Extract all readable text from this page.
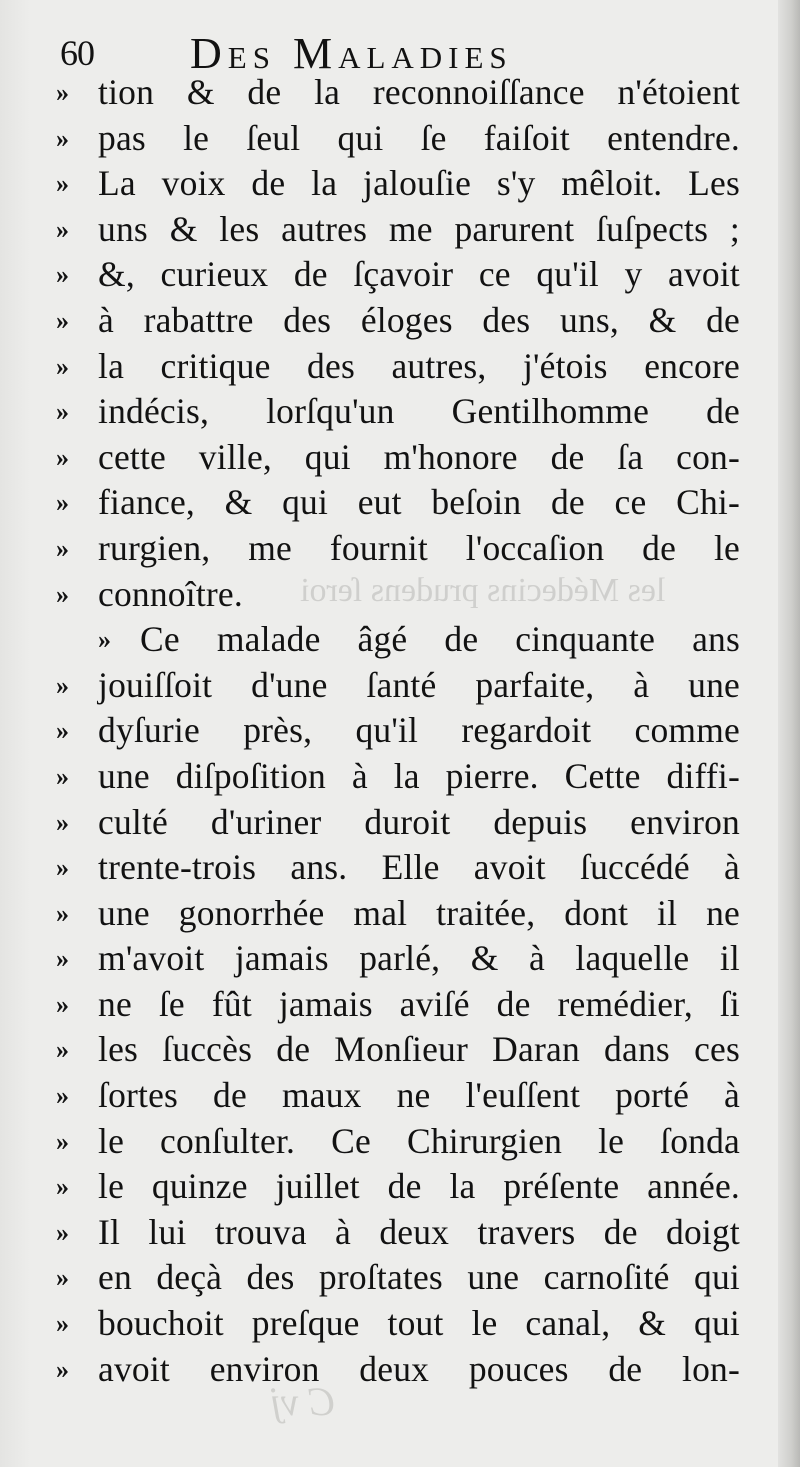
les Médecins prudens ſeroi
C vj
60 Des Maladies
» tion & de la reconnoiſſance n'étoient
» pas le ſeul qui ſe faiſoit entendre.
» La voix de la jalouſie s'y mêloit. Les
» uns & les autres me parurent ſuſpects ;
» &, curieux de ſçavoir ce qu'il y avoit
» à rabattre des éloges des uns, & de
» la critique des autres, j'étois encore
» indécis, lorſqu'un Gentilhomme de
» cette ville, qui m'honore de ſa con-
» fiance, & qui eut beſoin de ce Chi-
» rurgien, me fournit l'occaſion de le
» connoître.
» Ce malade âgé de cinquante ans
» jouiſſoit d'une ſanté parfaite, à une
» dyſurie près, qu'il regardoit comme
» une diſpoſition à la pierre. Cette diffi-
» culté d'uriner duroit depuis environ
» trente-trois ans. Elle avoit ſuccédé à
» une gonorrhée mal traitée, dont il ne
» m'avoit jamais parlé, & à laquelle il
» ne ſe fût jamais aviſé de remédier, ſi
» les ſuccès de Monſieur Daran dans ces
» ſortes de maux ne l'euſſent porté à
» le conſulter. Ce Chirurgien le ſonda
» le quinze juillet de la préſente année.
» Il lui trouva à deux travers de doigt
» en deçà des proſtates une carnoſité qui
» bouchoit preſque tout le canal, & qui
» avoit environ deux pouces de lon-
